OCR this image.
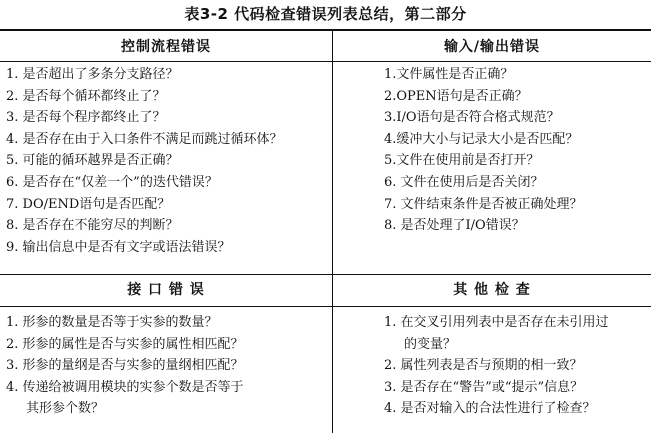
表3-2 代码检查错误列表总结，第二部分
控制流程错误	输入/输出错误
1. 是否超出了多条分支路径？
2. 是否每个循环都终止了？
3. 是否每个程序都终止了？
4. 是否存在由于入口条件不满足而跳过循环体？
5. 可能的循环越界是否正确？
6. 是否存在“仅差一个”的迭代错误？
7. DO/END语句是否匹配？
8. 是否存在不能穷尽的判断？
9. 输出信息中是否有文字或语法错误？
1.文件属性是否正确？
2.OPEN语句是否正确？
3.I/O语句是否符合格式规范？
4.缓冲大小与记录大小是否匹配？
5.文件在使用前是否打开？
6. 文件在使用后是否关闭？
7. 文件结束条件是否被正确处理？
8. 是否处理了I/O错误？
接 口 错 误	其 他 检 查
1. 形参的数量是否等于实参的数量？
2. 形参的属性是否与实参的属性相匹配？
3. 形参的量纲是否与实参的量纲相匹配？
4. 传递给被调用模块的实参个数是否等于
其形参个数？
1. 在交叉引用列表中是否存在未引用过
的变量？
2. 属性列表是否与预期的相一致？
3. 是否存在“警告”或“提示”信息？
4. 是否对输入的合法性进行了检查？
